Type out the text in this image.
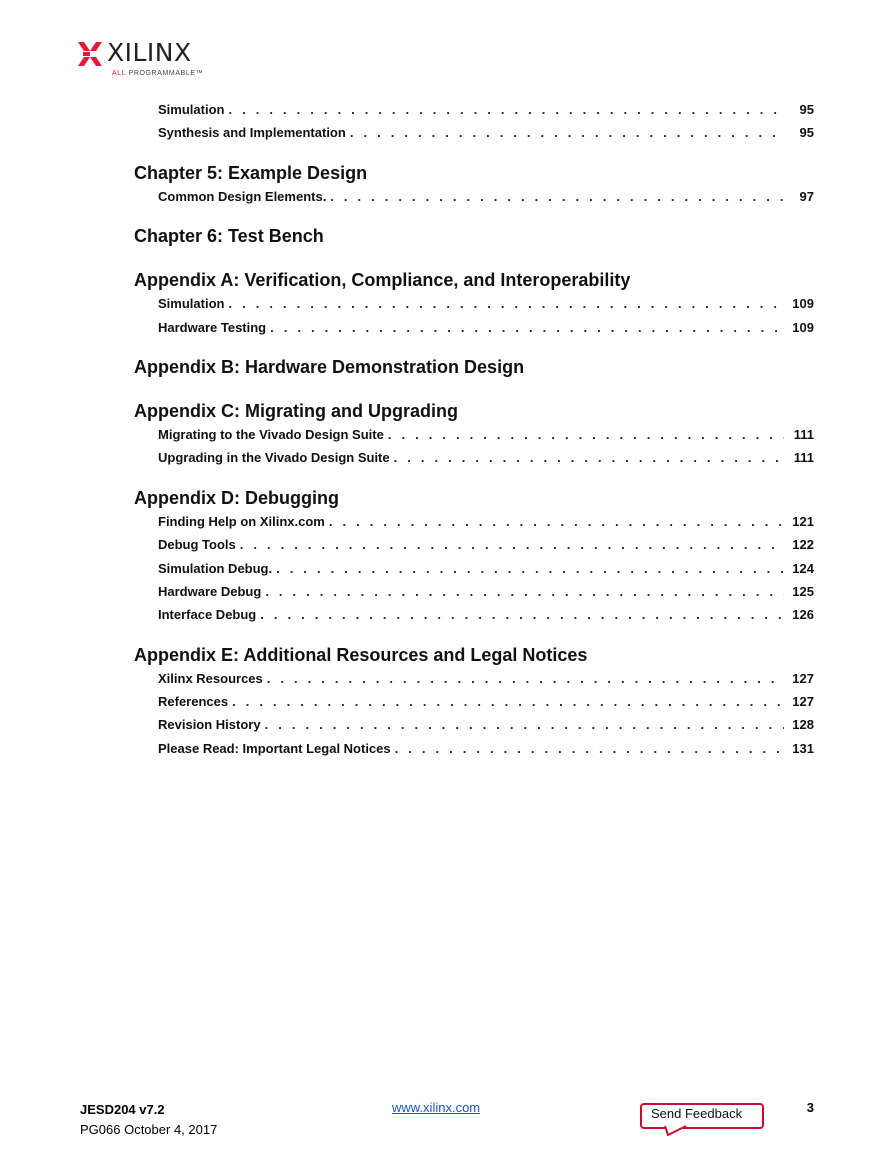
XILINX
ALL PROGRAMMABLE™
Simulation . . .	95
Synthesis and Implementation . . .	95
Chapter 5: Example Design
Common Design Elements. . . .	97
Chapter 6: Test Bench
Appendix A: Verification, Compliance, and Interoperability
Simulation . . .	109
Hardware Testing . . .	109
Appendix B: Hardware Demonstration Design
Appendix C: Migrating and Upgrading
Migrating to the Vivado Design Suite . . .	111
Upgrading in the Vivado Design Suite . . .	111
Appendix D: Debugging
Finding Help on Xilinx.com . . .	121
Debug Tools . . .	122
Simulation Debug. . . .	124
Hardware Debug . . .	125
Interface Debug . . .	126
Appendix E: Additional Resources and Legal Notices
Xilinx Resources . . .	127
References . . .	127
Revision History . . .	128
Please Read: Important Legal Notices . . .	131
JESD204 v7.2
PG066 October 4, 2017
www.xilinx.com	Send Feedback	3
